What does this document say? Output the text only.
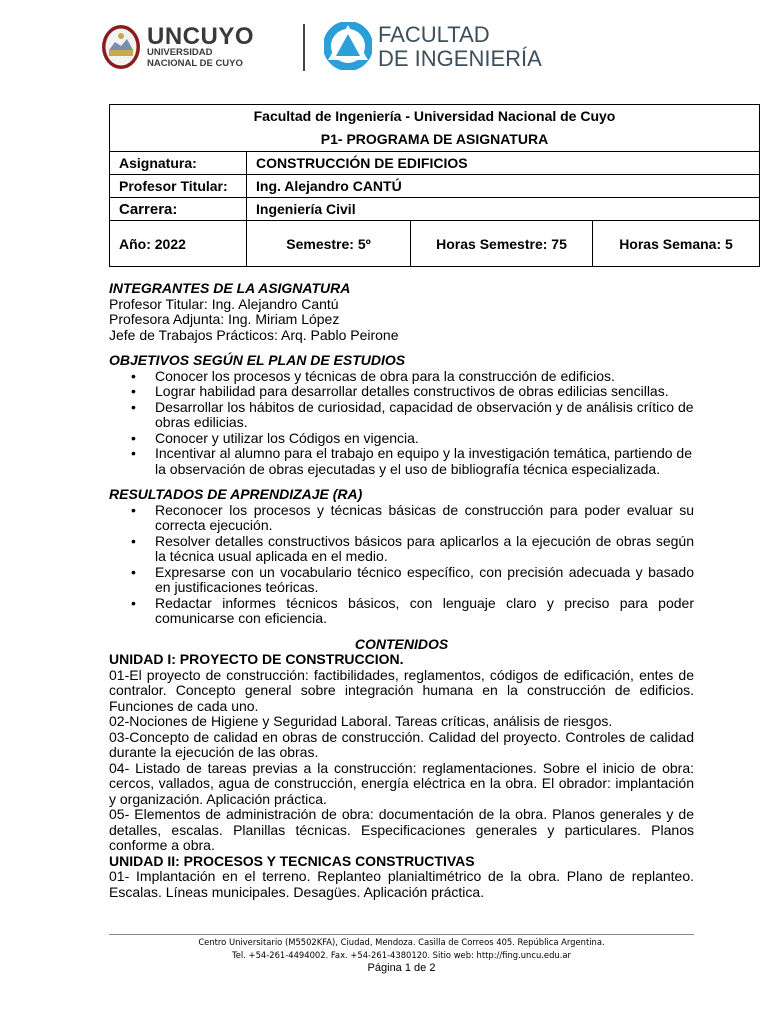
UNCUYO
UNIVERSIDAD
NACIONAL DE CUYO
FACULTAD
DE INGENIERÍA
Facultad de Ingeniería - Universidad Nacional de Cuyo
P1- PROGRAMA DE ASIGNATURA			

Asignatura:	CONSTRUCCIÓN DE EDIFICIOS		
Profesor Titular:	Ing. Alejandro CANTÚ		
Carrera:	Ingeniería Civil		
Año: 2022	Semestre: 5º	Horas Semestre: 75	Horas Semana: 5

INTEGRANTES DE LA ASIGNATURA

Profesor Titular: Ing. Alejandro Cantú

Profesora Adjunta: Ing. Miriam López

Jefe de Trabajos Prácticos: Arq. Pablo Peirone

OBJETIVOS SEGÚN EL PLAN DE ESTUDIOS

• Conocer los procesos y técnicas de obra para la construcción de edificios.
• Lograr habilidad para desarrollar detalles constructivos de obras edilicias sencillas.
• Desarrollar los hábitos de curiosidad, capacidad de observación y de análisis crítico de obras edilicias.
• Conocer y utilizar los Códigos en vigencia.
• Incentivar al alumno para el trabajo en equipo y la investigación temática, partiendo de la observación de obras ejecutadas y el uso de bibliografía técnica especializada.

RESULTADOS DE APRENDIZAJE (RA)

• Reconocer los procesos y técnicas básicas de construcción para poder evaluar su correcta ejecución.
• Resolver detalles constructivos básicos para aplicarlos a la ejecución de obras según la técnica usual aplicada en el medio.
• Expresarse con un vocabulario técnico específico, con precisión adecuada y basado en justificaciones teóricas.
• Redactar informes técnicos básicos, con lenguaje claro y preciso para poder comunicarse con eficiencia.

CONTENIDOS

UNIDAD I: PROYECTO DE CONSTRUCCION.

01-El proyecto de construcción: factibilidades, reglamentos, códigos de edificación, entes de contralor. Concepto general sobre integración humana en la construcción de edificios. Funciones de cada uno.

02-Nociones de Higiene y Seguridad Laboral. Tareas críticas, análisis de riesgos.

03-Concepto de calidad en obras de construcción. Calidad del proyecto. Controles de calidad durante la ejecución de las obras.

04- Listado de tareas previas a la construcción: reglamentaciones. Sobre el inicio de obra: cercos, vallados, agua de construcción, energía eléctrica en la obra. El obrador: implantación y organización. Aplicación práctica.

05- Elementos de administración de obra: documentación de la obra. Planos generales y de detalles, escalas. Planillas técnicas. Especificaciones generales y particulares. Planos conforme a obra.

UNIDAD II: PROCESOS Y TECNICAS CONSTRUCTIVAS

01- Implantación en el terreno. Replanteo planialtimétrico de la obra. Plano de replanteo. Escalas. Líneas municipales. Desagües. Aplicación práctica.

Centro Universitario (M5502KFA), Ciudad, Mendoza. Casilla de Correos 405. República Argentina.
Tel. +54-261-4494002. Fax. +54-261-4380120. Sitio web: http://fing.uncu.edu.ar
Página 1 de 2
